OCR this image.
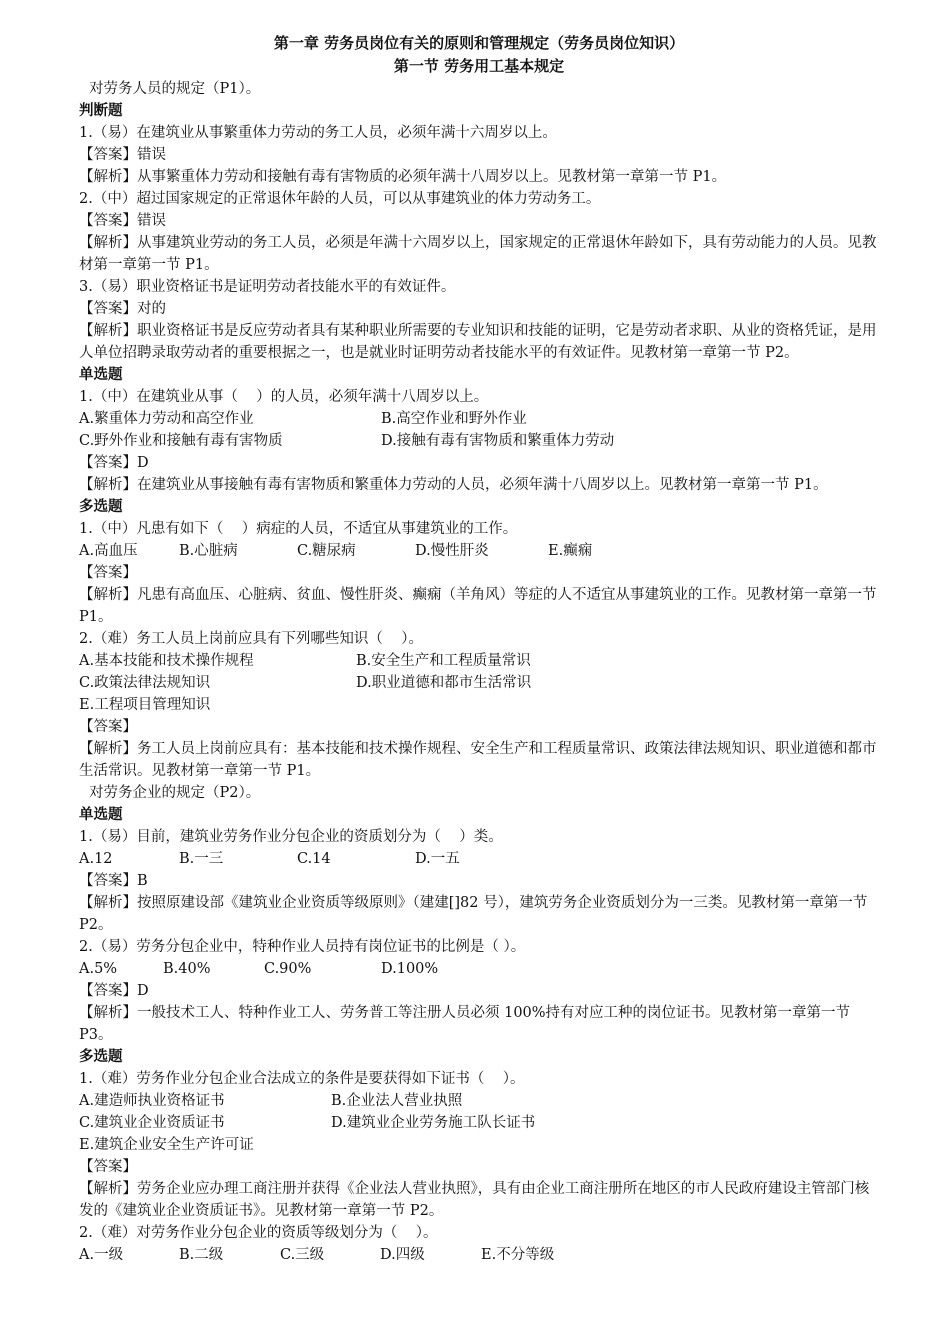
第一章 劳务员岗位有关的原则和管理规定（劳务员岗位知识）
第一节 劳务用工基本规定
对劳务人员的规定（P1）。
判断题
1.（易）在建筑业从事繁重体力劳动的务工人员，必须年满十六周岁以上。
【答案】错误
【解析】从事繁重体力劳动和接触有毒有害物质的必须年满十八周岁以上。见教材第一章第一节 P1。
2.（中）超过国家规定的正常退休年龄的人员，可以从事建筑业的体力劳动务工。
【答案】错误
【解析】从事建筑业劳动的务工人员，必须是年满十六周岁以上，国家规定的正常退休年龄如下，具有劳动能力的人员。见教材第一章第一节 P1。
3.（易）职业资格证书是证明劳动者技能水平的有效证件。
【答案】对的
【解析】职业资格证书是反应劳动者具有某种职业所需要的专业知识和技能的证明，它是劳动者求职、从业的资格凭证，是用人单位招聘录取劳动者的重要根据之一，也是就业时证明劳动者技能水平的有效证件。见教材第一章第一节 P2。
单选题
1.（中）在建筑业从事（    ）的人员，必须年满十八周岁以上。
A.繁重体力劳动和高空作业	B.高空作业和野外作业
C.野外作业和接触有毒有害物质	D.接触有毒有害物质和繁重体力劳动
【答案】D
【解析】在建筑业从事接触有毒有害物质和繁重体力劳动的人员，必须年满十八周岁以上。见教材第一章第一节 P1。
多选题
1.（中）凡患有如下（    ）病症的人员，不适宜从事建筑业的工作。
A.高血压	B.心脏病	C.糖尿病	D.慢性肝炎	E.癫痫
【答案】
【解析】凡患有高血压、心脏病、贫血、慢性肝炎、癫痫（羊角风）等症的人不适宜从事建筑业的工作。见教材第一章第一节 P1。
2.（难）务工人员上岗前应具有下列哪些知识（    ）。
A.基本技能和技术操作规程	B.安全生产和工程质量常识
C.政策法律法规知识	D.职业道德和都市生活常识
E.工程项目管理知识
【答案】
【解析】务工人员上岗前应具有：基本技能和技术操作规程、安全生产和工程质量常识、政策法律法规知识、职业道德和都市生活常识。见教材第一章第一节 P1。
对劳务企业的规定（P2）。
单选题
1.（易）目前，建筑业劳务作业分包企业的资质划分为（    ）类。
A.12	B.一三	C.14	D.一五
【答案】B
【解析】按照原建设部《建筑业企业资质等级原则》（建建[]82 号），建筑劳务企业资质划分为一三类。见教材第一章第一节 P2。
2.（易）劳务分包企业中，特种作业人员持有岗位证书的比例是（ ）。
A.5%	B.40%	C.90%	D.100%
【答案】D
【解析】一般技术工人、特种作业工人、劳务普工等注册人员必须 100%持有对应工种的岗位证书。见教材第一章第一节 P3。
多选题
1.（难）劳务作业分包企业合法成立的条件是要获得如下证书（    ）。
A.建造师执业资格证书	B.企业法人营业执照
C.建筑业企业资质证书	D.建筑业企业劳务施工队长证书
E.建筑企业安全生产许可证
【答案】
【解析】劳务企业应办理工商注册并获得《企业法人营业执照》，具有由企业工商注册所在地区的市人民政府建设主管部门核发的《建筑业企业资质证书》。见教材第一章第一节 P2。
2.（难）对劳务作业分包企业的资质等级划分为（    ）。
A.一级	B.二级	C.三级	D.四级	E.不分等级
